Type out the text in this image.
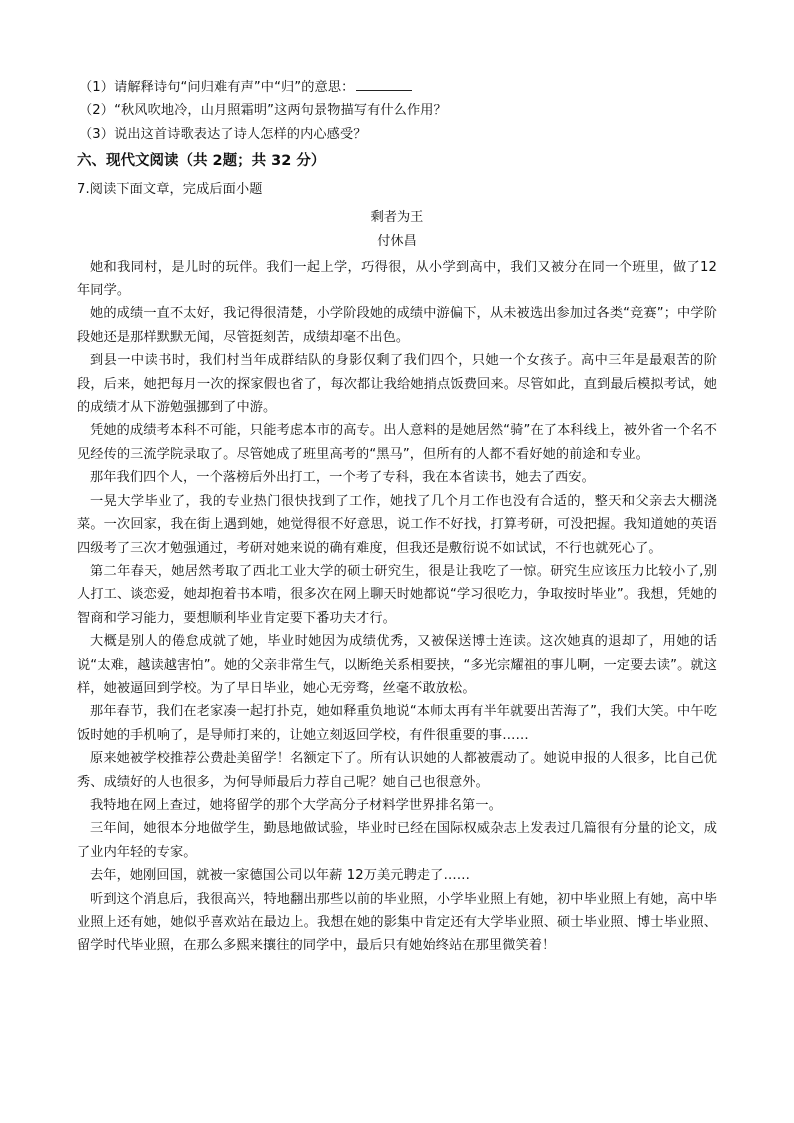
（1）请解释诗句“问归难有声”中“归”的意思：

（2）“秋风吹地冷，山月照霜明”这两句景物描写有什么作用？

（3）说出这首诗歌表达了诗人怎样的内心感受？

六、现代文阅读（共 2题；共 32 分）

7.阅读下面文章，完成后面小题

剩者为王

付休昌

她和我同村，是儿时的玩伴。我们一起上学，巧得很，从小学到高中，我们又被分在同一个班里，做了12年同学。

她的成绩一直不太好，我记得很清楚，小学阶段她的成绩中游偏下，从未被选出参加过各类“竞赛”；中学阶段她还是那样默默无闻，尽管挺刻苦，成绩却毫不出色。

到县一中读书时，我们村当年成群结队的身影仅剩了我们四个，只她一个女孩子。高中三年是最艰苦的阶段，后来，她把每月一次的探家假也省了，每次都让我给她捎点饭费回来。尽管如此，直到最后模拟考试，她的成绩才从下游勉强挪到了中游。

凭她的成绩考本科不可能，只能考虑本市的高专。出人意料的是她居然“骑”在了本科线上，被外省一个名不见经传的三流学院录取了。尽管她成了班里高考的“黑马”，但所有的人都不看好她的前途和专业。

那年我们四个人，一个落榜后外出打工，一个考了专科，我在本省读书，她去了西安。

一晃大学毕业了，我的专业热门很快找到了工作，她找了几个月工作也没有合适的，整天和父亲去大棚浇菜。一次回家，我在街上遇到她，她觉得很不好意思，说工作不好找，打算考研，可没把握。我知道她的英语四级考了三次才勉强通过，考研对她来说的确有难度，但我还是敷衍说不如试试，不行也就死心了。

第二年春天，她居然考取了西北工业大学的硕士研究生，很是让我吃了一惊。研究生应该压力比较小了,别人打工、谈恋爱，她却抱着书本啃，很多次在网上聊天时她都说“学习很吃力，争取按时毕业”。我想，凭她的智商和学习能力，要想顺利毕业肯定要下番功夫才行。

大概是别人的倦怠成就了她，毕业时她因为成绩优秀，又被保送博士连读。这次她真的退却了，用她的话说“太难，越读越害怕”。她的父亲非常生气，以断绝关系相要挟，“多光宗耀祖的事儿啊，一定要去读”。就这样，她被逼回到学校。为了早日毕业，她心无旁骛，丝毫不敢放松。

那年春节，我们在老家凑一起打扑克，她如释重负地说“本师太再有半年就要出苦海了”，我们大笑。中午吃饭时她的手机响了，是导师打来的，让她立刻返回学校，有件很重要的事……

原来她被学校推荐公费赴美留学！名额定下了。所有认识她的人都被震动了。她说申报的人很多，比自己优秀、成绩好的人也很多，为何导师最后力荐自己呢？她自己也很意外。

我特地在网上查过，她将留学的那个大学高分子材料学世界排名第一。

三年间，她很本分地做学生，勤恳地做试验，毕业时已经在国际权威杂志上发表过几篇很有分量的论文，成了业内年轻的专家。

去年，她刚回国，就被一家德国公司以年薪 12万美元聘走了……

听到这个消息后，我很高兴，特地翻出那些以前的毕业照，小学毕业照上有她，初中毕业照上有她，高中毕业照上还有她，她似乎喜欢站在最边上。我想在她的影集中肯定还有大学毕业照、硕士毕业照、博士毕业照、留学时代毕业照，在那么多熙来攘往的同学中，最后只有她始终站在那里微笑着！
